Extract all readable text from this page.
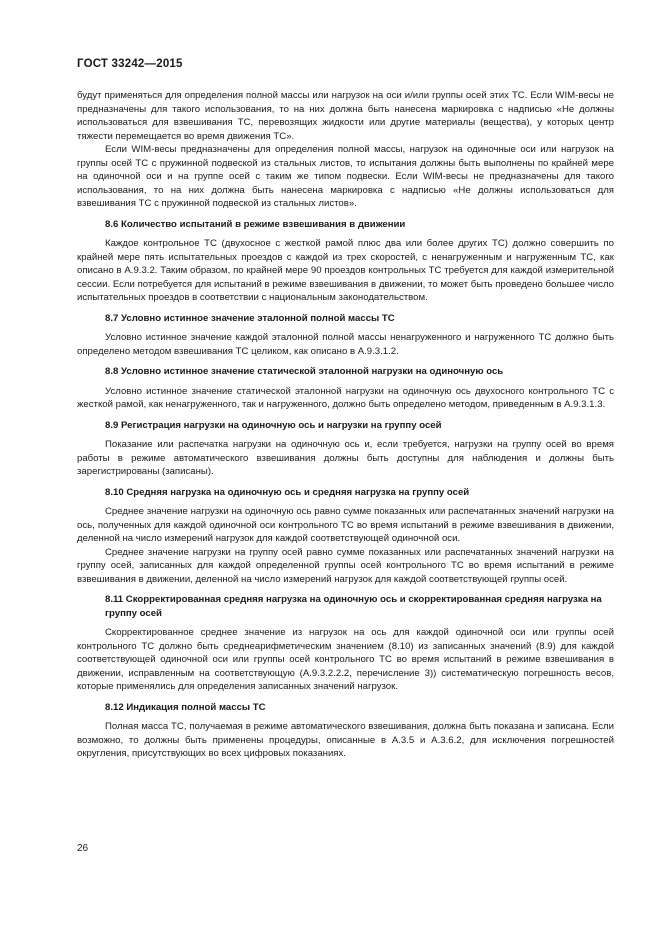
ГОСТ 33242—2015

будут применяться для определения полной массы или нагрузок на оси и/или группы осей этих ТС. Если WIM-весы не предназначены для такого использования, то на них должна быть нанесена маркировка с надписью «Не должны использоваться для взвешивания ТС, перевозящих жидкости или другие материалы (вещества), у которых центр тяжести перемещается во время движения ТС».

Если WIM-весы предназначены для определения полной массы, нагрузок на одиночные оси или нагрузок на группы осей ТС с пружинной подвеской из стальных листов, то испытания должны быть выполнены по крайней мере на одиночной оси и на группе осей с таким же типом подвески. Если WIM-весы не предназначены для такого использования, то на них должна быть нанесена маркировка с надписью «Не должны использоваться для взвешивания ТС с пружинной подвеской из стальных листов».

8.6 Количество испытаний в режиме взвешивания в движении

Каждое контрольное ТС (двухосное с жесткой рамой плюс два или более других ТС) должно совершить по крайней мере пять испытательных проездов с каждой из трех скоростей, с ненагруженным и нагруженным ТС, как описано в А.9.3.2. Таким образом, по крайней мере 90 проездов контрольных ТС требуется для каждой измерительной сессии. Если потребуется для испытаний в режиме взвешивания в движении, то может быть проведено большее число испытательных проездов в соответствии с национальным законодательством.

8.7 Условно истинное значение эталонной полной массы ТС

Условно истинное значение каждой эталонной полной массы ненагруженного и нагруженного ТС должно быть определено методом взвешивания ТС целиком, как описано в А.9.3.1.2.

8.8 Условно истинное значение статической эталонной нагрузки на одиночную ось

Условно истинное значение статической эталонной нагрузки на одиночную ось двухосного контрольного ТС с жесткой рамой, как ненагруженного, так и нагруженного, должно быть определено методом, приведенным в А.9.3.1.3.

8.9 Регистрация нагрузки на одиночную ось и нагрузки на группу осей

Показание или распечатка нагрузки на одиночную ось и, если требуется, нагрузки на группу осей во время работы в режиме автоматического взвешивания должны быть доступны для наблюдения и должны быть зарегистрированы (записаны).

8.10 Средняя нагрузка на одиночную ось и средняя нагрузка на группу осей

Среднее значение нагрузки на одиночную ось равно сумме показанных или распечатанных значений нагрузки на ось, полученных для каждой одиночной оси контрольного ТС во время испытаний в режиме взвешивания в движении, деленной на число измерений нагрузок для каждой соответствующей одиночной оси.

Среднее значение нагрузки на группу осей равно сумме показанных или распечатанных значений нагрузки на группу осей, записанных для каждой определенной группы осей контрольного ТС во время испытаний в режиме взвешивания в движении, деленной на число измерений нагрузок для каждой соответствующей группы осей.

8.11 Скорректированная средняя нагрузка на одиночную ось и скорректированная средняя нагрузка на группу осей

Скорректированное среднее значение из нагрузок на ось для каждой одиночной оси или группы осей контрольного ТС должно быть среднеарифметическим значением (8.10) из записанных значений (8.9) для каждой соответствующей одиночной оси или группы осей контрольного ТС во время испытаний в режиме взвешивания в движении, исправленным на соответствующую (А.9.3.2.2.2, перечисление 3)) систематическую погрешность весов, которые применялись для определения записанных значений нагрузок.

8.12 Индикация полной массы ТС

Полная масса ТС, получаемая в режиме автоматического взвешивания, должна быть показана и записана. Если возможно, то должны быть применены процедуры, описанные в А.3.5 и А.3.6.2, для исключения погрешностей округления, присутствующих во всех цифровых показаниях.

26
